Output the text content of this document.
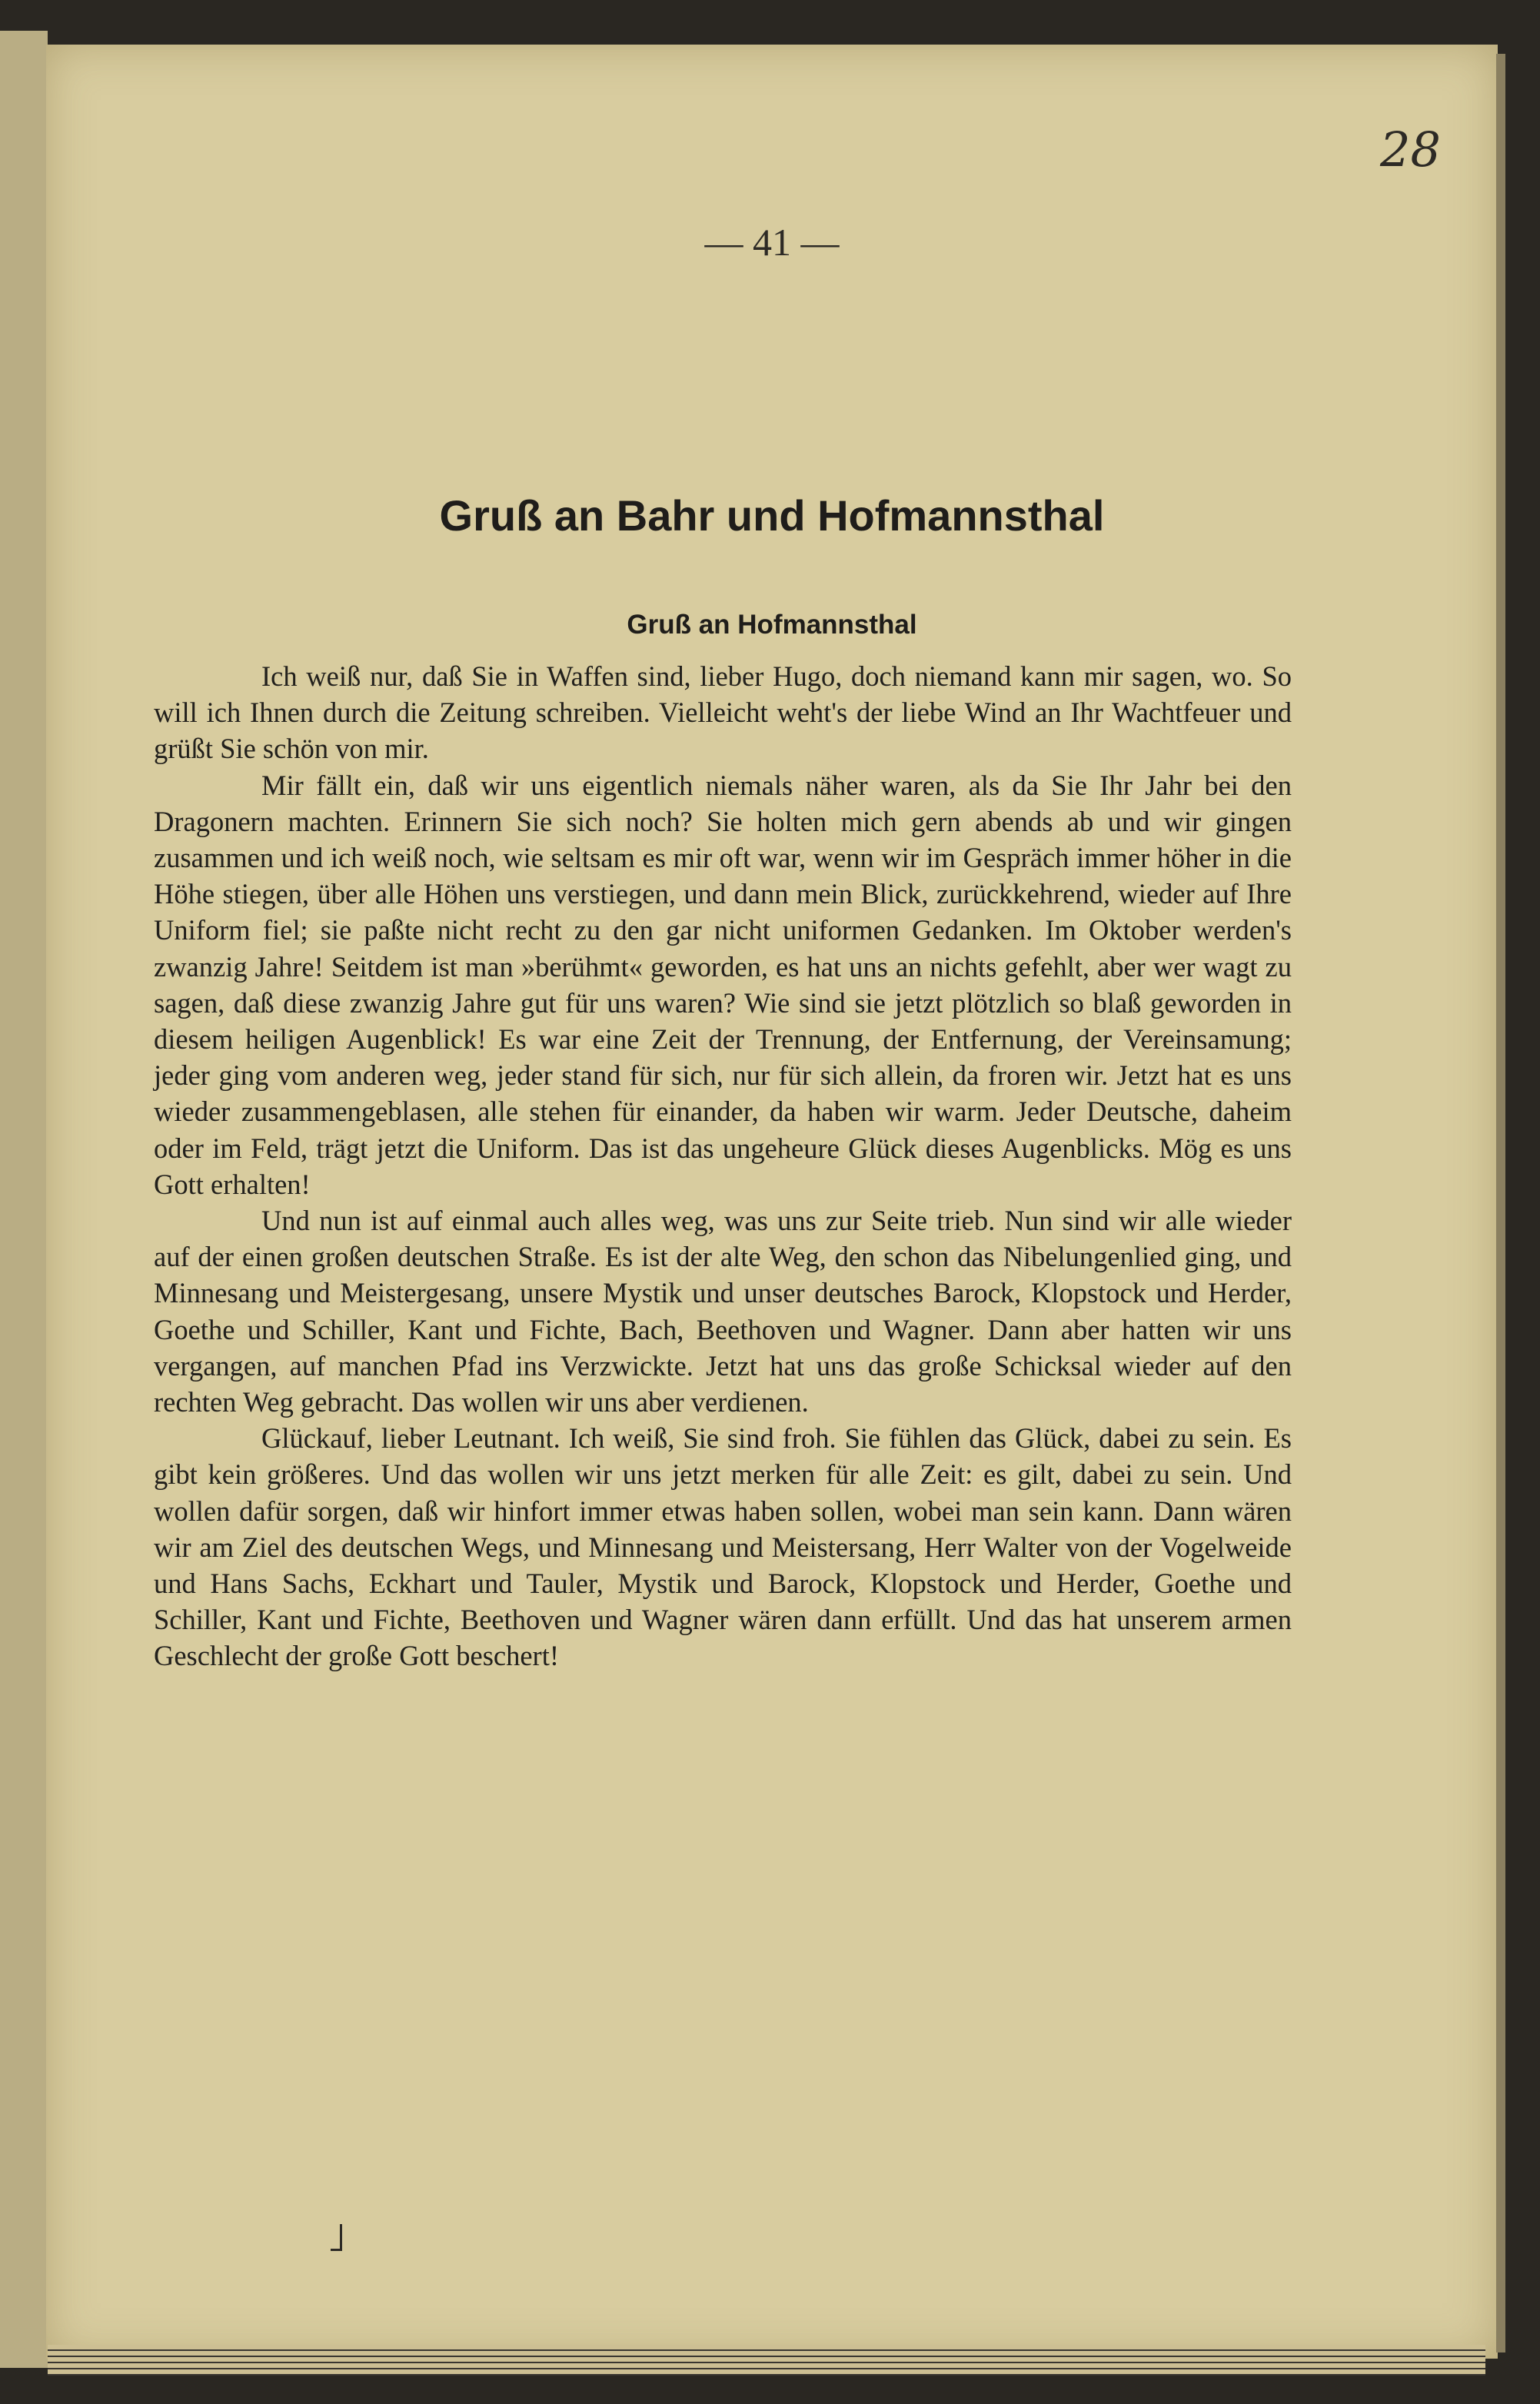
28
— 41 —
Gruß an Bahr und Hofmannsthal
Gruß an Hofmannsthal

Ich weiß nur, daß Sie in Waffen sind, lieber Hugo, doch niemand kann mir sagen, wo. So will ich Ihnen durch die Zeitung schreiben. Vielleicht weht's der liebe Wind an Ihr Wachtfeuer und grüßt Sie schön von mir.

Mir fällt ein, daß wir uns eigentlich niemals näher waren, als da Sie Ihr Jahr bei den Dragonern machten. Erinnern Sie sich noch? Sie holten mich gern abends ab und wir gingen zusammen und ich weiß noch, wie seltsam es mir oft war, wenn wir im Gespräch immer höher in die Höhe stiegen, über alle Höhen uns verstiegen, und dann mein Blick, zurückkehrend, wieder auf Ihre Uniform fiel; sie paßte nicht recht zu den gar nicht uniformen Gedanken. Im Oktober werden's zwanzig Jahre! Seitdem ist man »berühmt« geworden, es hat uns an nichts gefehlt, aber wer wagt zu sagen, daß diese zwanzig Jahre gut für uns waren? Wie sind sie jetzt plötzlich so blaß geworden in diesem heiligen Augenblick! Es war eine Zeit der Trennung, der Entfernung, der Vereinsamung; jeder ging vom anderen weg, jeder stand für sich, nur für sich allein, da froren wir. Jetzt hat es uns wieder zusammengeblasen, alle stehen für einander, da haben wir warm. Jeder Deutsche, daheim oder im Feld, trägt jetzt die Uniform. Das ist das ungeheure Glück dieses Augenblicks. Mög es uns Gott erhalten!

Und nun ist auf einmal auch alles weg, was uns zur Seite trieb. Nun sind wir alle wieder auf der einen großen deutschen Straße. Es ist der alte Weg, den schon das Nibelungenlied ging, und Minnesang und Meistergesang, unsere Mystik und unser deutsches Barock, Klopstock und Herder, Goethe und Schiller, Kant und Fichte, Bach, Beethoven und Wagner. Dann aber hatten wir uns vergangen, auf manchen Pfad ins Verzwickte. Jetzt hat uns das große Schicksal wieder auf den rechten Weg gebracht. Das wollen wir uns aber verdienen.

Glückauf, lieber Leutnant. Ich weiß, Sie sind froh. Sie fühlen das Glück, dabei zu sein. Es gibt kein größeres. Und das wollen wir uns jetzt merken für alle Zeit: es gilt, dabei zu sein. Und wollen dafür sorgen, daß wir hinfort immer etwas haben sollen, wobei man sein kann. Dann wären wir am Ziel des deutschen Wegs, und Minnesang und Meistersang, Herr Walter von der Vogelweide und Hans Sachs, Eckhart und Tauler, Mystik und Barock, Klopstock und Herder, Goethe und Schiller, Kant und Fichte, Beethoven und Wagner wären dann erfüllt. Und das hat unserem armen Geschlecht der große Gott beschert!
